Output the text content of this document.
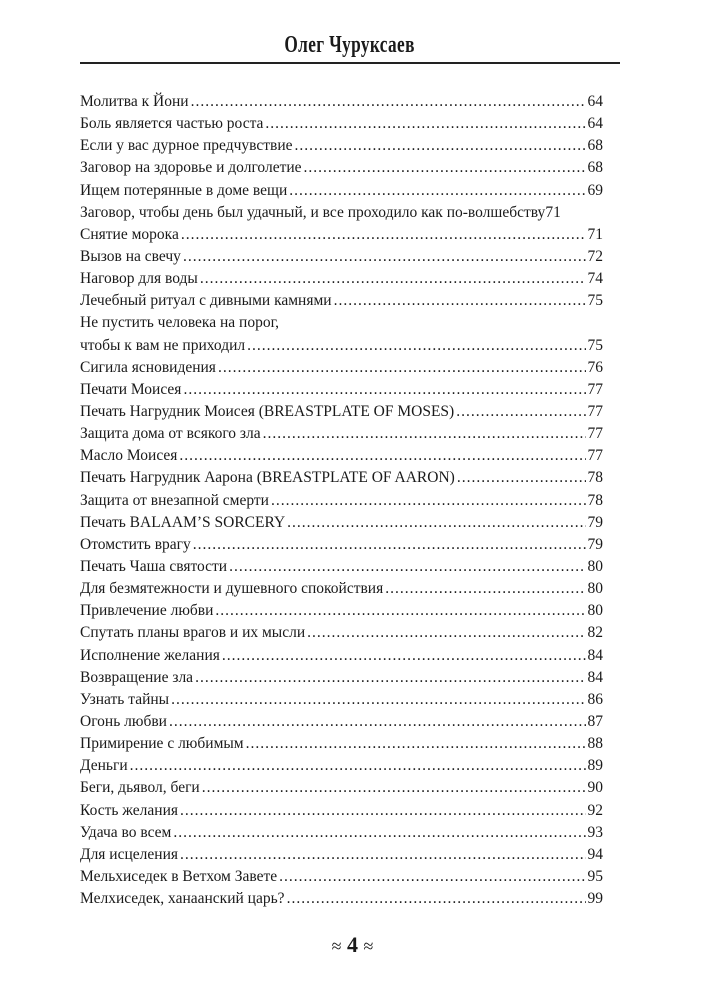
Олег Чуруксаев
Молитва к Йони .....	64
Боль является частью роста .....	64
Если у вас дурное предчувствие .....	68
Заговор на здоровье и долголетие .....	68
Ищем потерянные в доме вещи .....	69
Заговор, чтобы день был удачный, и все проходило как по-волшебству 71
Снятие морока .....	71
Вызов на свечу .....	72
Наговор для воды .....	74
Лечебный ритуал с дивными камнями .....	75
Не пустить человека на порог,
чтобы к вам не приходил .....	75
Сигила ясновидения .....	76
Печати Моисея .....	77
Печать Нагрудник Моисея (BREASTPLATE OF MOSES) .....	77
Защита дома от всякого зла .....	77
Масло Моисея .....	77
Печать Нагрудник Аарона (BREASTPLATE OF AARON) .....	78
Защита от внезапной смерти .....	78
Печать BALAAM’S SORCERY .....	79
Отомстить врагу .....	79
Печать Чаша святости .....	80
Для безмятежности и душевного спокойствия .....	80
Привлечение любви .....	80
Спутать планы врагов и их мысли .....	82
Исполнение желания .....	84
Возвращение зла .....	84
Узнать тайны .....	86
Огонь любви .....	87
Примирение с любимым .....	88
Деньги .....	89
Беги, дьявол, беги .....	90
Кость желания .....	92
Удача во всем .....	93
Для исцеления .....	94
Мельхиседек в Ветхом Завете .....	95
Мелхиседек, ханаанский царь? .....	99
≈ 4 ≈
